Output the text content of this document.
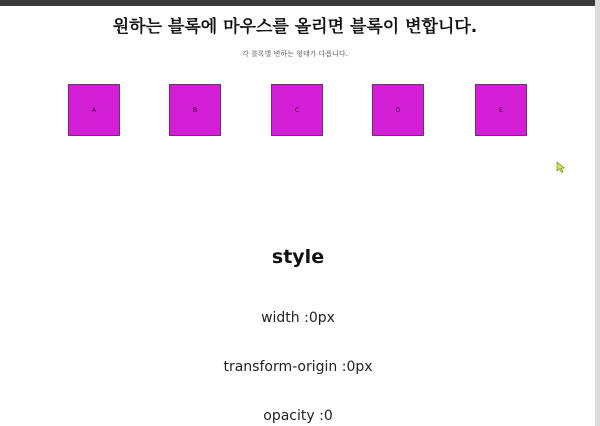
원하는 블록에 마우스를 올리면 블록이 변합니다.

각 블록별 변하는 형태가 다릅니다.

A	B	C	D	E
style

width :0px

transform-origin :0px

opacity :0
